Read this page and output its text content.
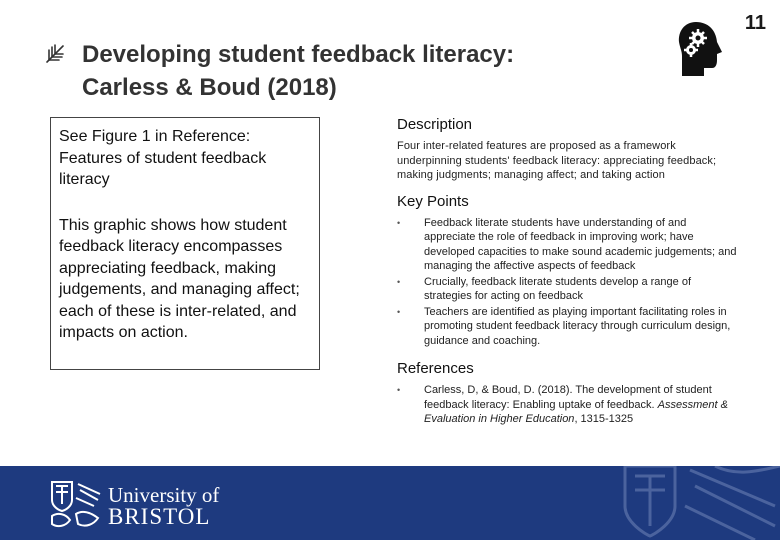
11
Developing student feedback literacy:
Carless & Boud (2018)

See Figure 1 in Reference: Features of student feedback literacy

This graphic shows how student feedback literacy encompasses appreciating feedback, making judgements, and managing affect; each of these is inter-related, and impacts on action.

Description
Four inter-related features are proposed as a framework underpinning students' feedback literacy: appreciating feedback; making judgments; managing affect; and taking action
Key Points
• Feedback literate students have understanding of and appreciate the role of feedback in improving work; have developed capacities to make sound academic judgements; and managing the affective aspects of feedback
• Crucially, feedback literate students develop a range of strategies for acting on feedback
• Teachers are identified as playing important facilitating roles in promoting student feedback literacy through curriculum design, guidance and coaching.
References
• Carless, D, & Boud, D. (2018). The development of student feedback literacy: Enabling uptake of feedback. Assessment & Evaluation in Higher Education, 1315-1325
University of
BRISTOL
